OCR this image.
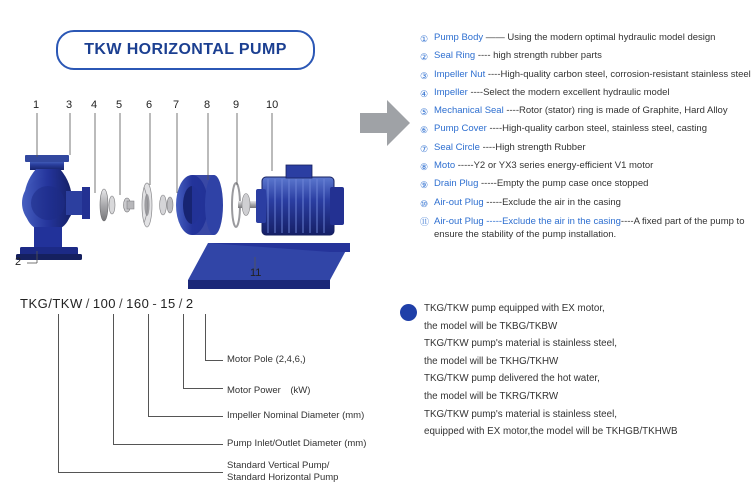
TKW HORIZONTAL PUMP
1 3 4 5 6 7 8 9 10
2
11
① Pump Body —— Using the modern optimal hydraulic model design
② Seal Ring ---- high strength rubber parts
③ Impeller Nut ----High-quality carbon steel, corrosion-resistant stainless steel
④ Impeller ----Select the modern excellent hydraulic model
⑤ Mechanical Seal ----Rotor (stator) ring is made of Graphite, Hard Alloy
⑥ Pump Cover ----High-quality carbon steel, stainless steel, casting
⑦ Seal Circle ----High strength Rubber
⑧ Moto -----Y2 or YX3 series energy-efficient V1 motor
⑨ Drain Plug -----Empty the pump case once stopped
⑩ Air-out Plug -----Exclude the air in the casing
⑪ Air-out Plug -----Exclude the air in the casing----A fixed part of the pump to ensure the stability of the pump installation.
TKG/TKW / 100 / 160 - 15 / 2
Motor Pole (2,4,6,)
Motor Power　(kW)
Impeller Nominal Diameter (mm)
Pump Inlet/Outlet Diameter (mm)
Standard Vertical Pump/
Standard Horizontal Pump
TKG/TKW pump equipped with EX motor,
the model will be TKBG/TKBW
TKG/TKW pump's material is stainless steel,
the model will be TKHG/TKHW
TKG/TKW pump delivered the hot water,
the model will be TKRG/TKRW
TKG/TKW pump's material is stainless steel,
equipped with EX motor,the model will be TKHGB/TKHWB
